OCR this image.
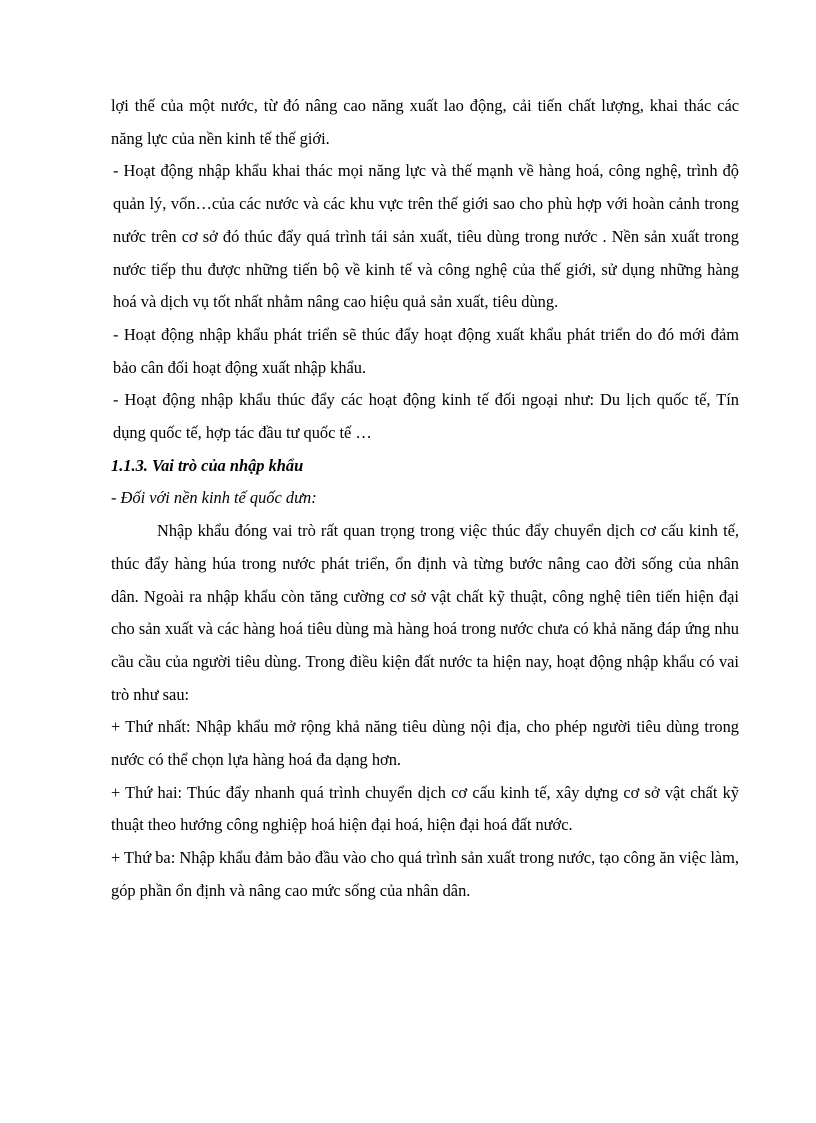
lợi thế của một nước, từ đó nâng cao năng xuất lao động, cải tiến chất lượng, khai thác các năng lực của nền kinh tế thế giới.

- Hoạt động nhập khẩu khai thác mọi năng lực và thế mạnh về hàng hoá, công nghệ, trình độ quản lý, vốn…của các nước và các khu vực trên thế giới sao cho phù hợp với hoàn cảnh trong nước trên cơ sở đó thúc đẩy quá trình tái sản xuất, tiêu dùng trong nước . Nền sản xuất trong nước tiếp thu được những tiến bộ về kinh tế và công nghệ của thế giới, sử dụng những hàng hoá và dịch vụ tốt nhất nhằm nâng cao hiệu quả sản xuất, tiêu dùng.

- Hoạt động nhập khẩu phát triển sẽ thúc đẩy hoạt động xuất khẩu phát triển do đó mới đảm bảo cân đối hoạt động xuất nhập khẩu.

- Hoạt động nhập khẩu thúc đẩy các hoạt động kinh tế đối ngoại như: Du lịch quốc tế, Tín dụng quốc tế, hợp tác đầu tư quốc tế …

1.1.3. Vai trò của nhập khẩu

- Đối với nền kinh tế quốc dưn:

Nhập khẩu đóng vai trò rất quan trọng trong việc thúc đẩy chuyển dịch cơ cấu kinh tế, thúc đẩy hàng húa trong nước phát triển, ổn định và từng bước nâng cao đời sống của nhân dân. Ngoài ra nhập khẩu còn tăng cường cơ sở vật chất kỹ thuật, công nghệ tiên tiến hiện đại cho sản xuất và các hàng hoá tiêu dùng mà hàng hoá trong nước chưa có khả năng đáp ứng nhu cầu cầu của người tiêu dùng. Trong điều kiện đất nước ta hiện nay, hoạt động nhập khẩu có vai trò như sau:

+ Thứ nhất: Nhập khẩu mở rộng khả năng tiêu dùng nội địa, cho phép người tiêu dùng trong nước có thể chọn lựa hàng hoá đa dạng hơn.

+ Thứ hai: Thúc đẩy nhanh quá trình chuyển dịch cơ cấu kinh tế, xây dựng cơ sở vật chất kỹ thuật theo hướng công nghiệp hoá hiện đại hoá, hiện đại hoá đất nước.

+ Thứ ba: Nhập khẩu đảm bảo đầu vào cho quá trình sản xuất trong nước, tạo công ăn việc làm, góp phần ổn định và nâng cao mức sống của nhân dân.
